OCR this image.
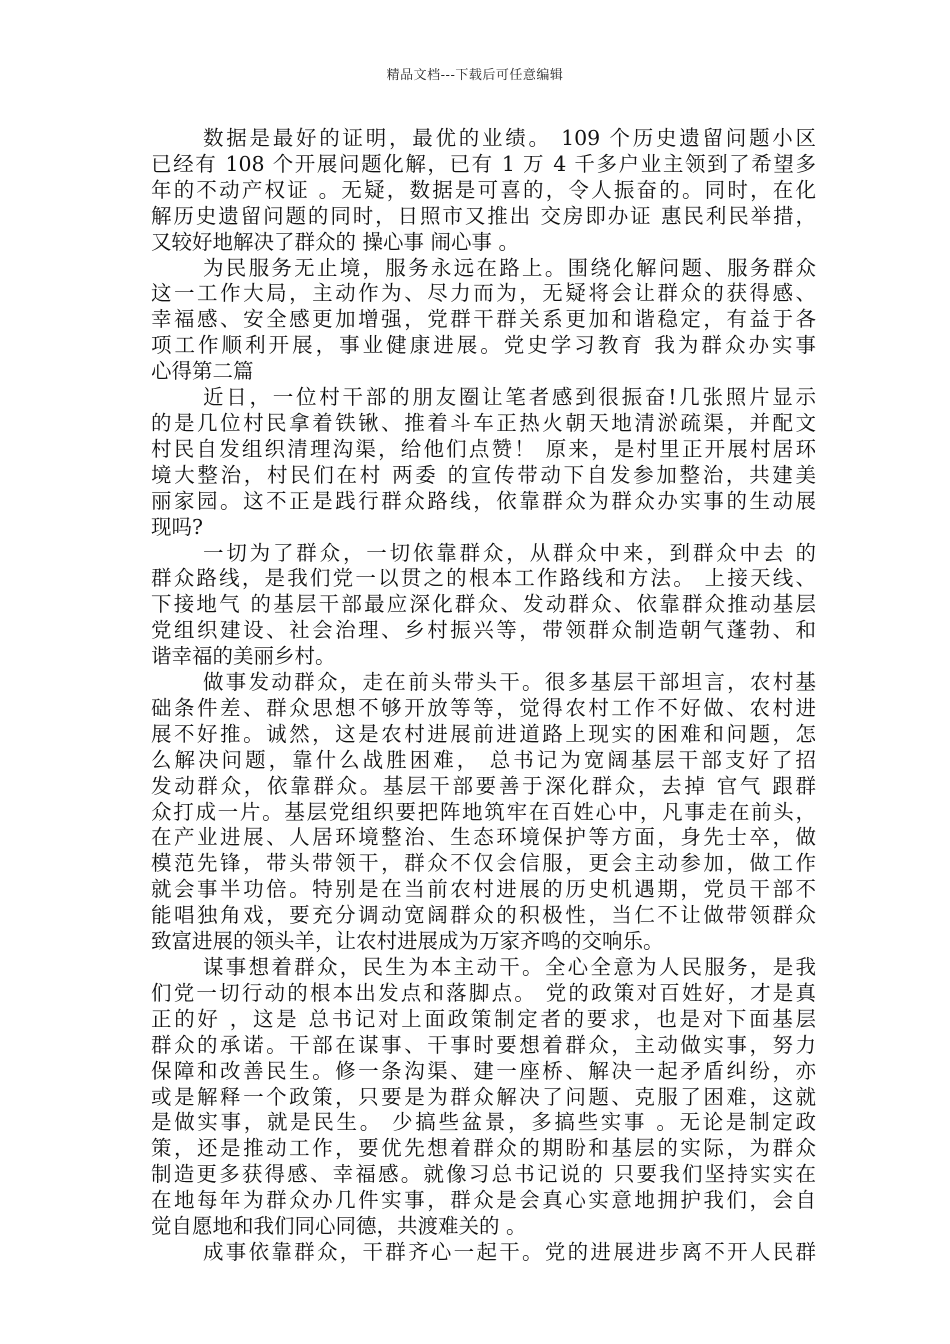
精品文档---下载后可任意编辑
数据是最好的证明，最优的业绩。 109 个历史遗留问题小区
已经有 108 个开展问题化解，已有 1 万 4 千多户业主领到了希望多
年的不动产权证 。无疑，数据是可喜的，令人振奋的。同时，在化
解历史遗留问题的同时，日照市又推出 交房即办证 惠民利民举措，
又较好地解决了群众的 操心事 闹心事 。
为民服务无止境，服务永远在路上。围绕化解问题、服务群众
这一工作大局，主动作为、尽力而为，无疑将会让群众的获得感、
幸福感、安全感更加增强，党群干群关系更加和谐稳定，有益于各
项工作顺利开展，事业健康进展。党史学习教育 我为群众办实事
心得第二篇
近日，一位村干部的朋友圈让笔者感到很振奋!几张照片显示
的是几位村民拿着铁锹、推着斗车正热火朝天地清淤疏渠，并配文
村民自发组织清理沟渠，给他们点赞！ 原来，是村里正开展村居环
境大整治，村民们在村 两委 的宣传带动下自发参加整治，共建美
丽家园。这不正是践行群众路线，依靠群众为群众办实事的生动展
现吗?
一切为了群众，一切依靠群众，从群众中来，到群众中去 的
群众路线，是我们党一以贯之的根本工作路线和方法。 上接天线、
下接地气 的基层干部最应深化群众、发动群众、依靠群众推动基层
党组织建设、社会治理、乡村振兴等，带领群众制造朝气蓬勃、和
谐幸福的美丽乡村。
做事发动群众，走在前头带头干。很多基层干部坦言，农村基
础条件差、群众思想不够开放等等，觉得农村工作不好做、农村进
展不好推。诚然，这是农村进展前进道路上现实的困难和问题，怎
么解决问题，靠什么战胜困难， 总书记为宽阔基层干部支好了招
发动群众，依靠群众。基层干部要善于深化群众，去掉 官气 跟群
众打成一片。基层党组织要把阵地筑牢在百姓心中，凡事走在前头，
在产业进展、人居环境整治、生态环境保护等方面，身先士卒，做
模范先锋，带头带领干，群众不仅会信服，更会主动参加，做工作
就会事半功倍。特别是在当前农村进展的历史机遇期，党员干部不
能唱独角戏，要充分调动宽阔群众的积极性，当仁不让做带领群众
致富进展的领头羊，让农村进展成为万家齐鸣的交响乐。
谋事想着群众，民生为本主动干。全心全意为人民服务，是我
们党一切行动的根本出发点和落脚点。 党的政策对百姓好，才是真
正的好 ，这是 总书记对上面政策制定者的要求，也是对下面基层
群众的承诺。干部在谋事、干事时要想着群众，主动做实事，努力
保障和改善民生。修一条沟渠、建一座桥、解决一起矛盾纠纷，亦
或是解释一个政策，只要是为群众解决了问题、克服了困难，这就
是做实事，就是民生。 少搞些盆景，多搞些实事 。无论是制定政
策，还是推动工作，要优先想着群众的期盼和基层的实际，为群众
制造更多获得感、幸福感。就像习总书记说的 只要我们坚持实实在
在地每年为群众办几件实事，群众是会真心实意地拥护我们，会自
觉自愿地和我们同心同德，共渡难关的 。
成事依靠群众，干群齐心一起干。党的进展进步离不开人民群
